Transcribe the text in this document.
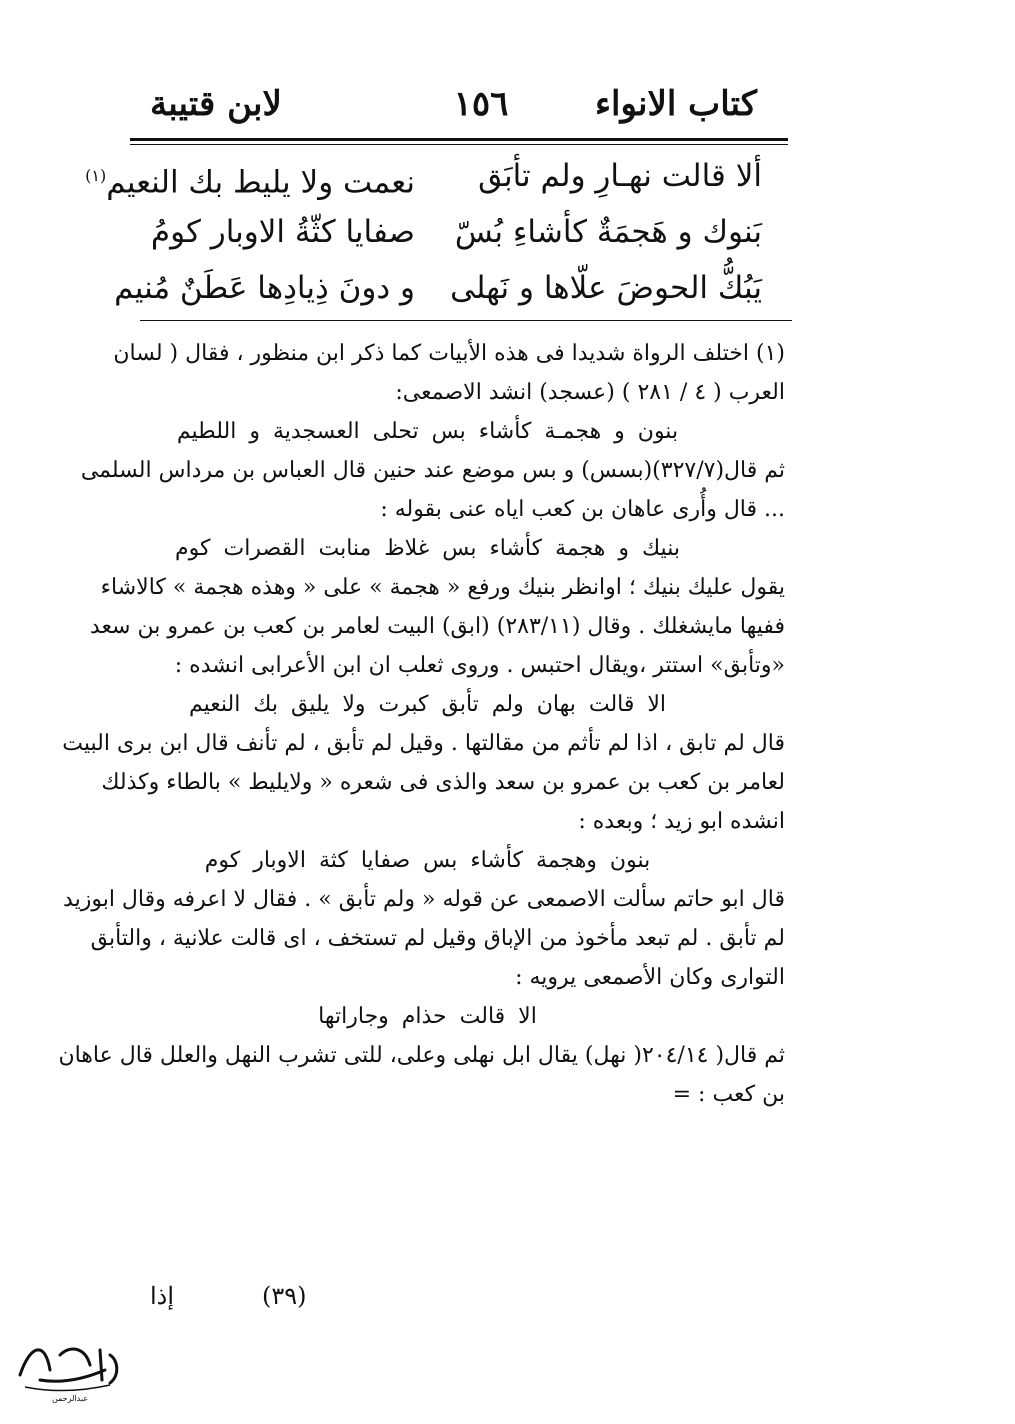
كتاب الانواء
١٥٦
لابن قتيبة
ألا قالت نهـارِ ولم تأبَق
نعمت ولا يليط بك النعيم$^{(١)}$
بَنوك و هَجمَةٌ كأشاءِ بُسّ
صفايا كثّةُ الاوبار كومُ
يَبُكُّ الحوضَ علّاها و نَهلى
و دونَ ذِيادِها عَطَنٌ مُنيم
(١) اختلف الرواة شديدا فى هذه الأبيات كما ذكر ابن منظور ، فقال ( لسان
العرب ( ٤ / ٢٨١ ) (عسجد) انشد الاصمعى:
بنون و هجمـة كأشاء بس تحلى العسجدية و اللطيم
ثم قال(٣٢٧/٧)(بسس) و بس موضع عند حنين قال العباس بن مرداس السلمى
... قال وأُرى عاهان بن كعب اياه عنى بقوله :
بنيك و هجمة كأشاء بس غلاظ منابت القصرات كوم
يقول عليك بنيك ؛ اوانظر بنيك ورفع « هجمة » على « وهذه هجمة » كالاشاء
ففيها مايشغلك . وقال (٢٨٣/١١) (ابق) البيت لعامر بن كعب بن عمرو بن سعد
«وتأبق» استتر ،ويقال احتبس . وروى ثعلب ان ابن الأعرابى انشده :
الا قالت بهان ولم تأبق كبرت ولا يليق بك النعيم
قال لم تابق ، اذا لم تأثم من مقالتها . وقيل لم تأبق ، لم تأنف قال ابن برى البيت
لعامر بن كعب بن عمرو بن سعد والذى فى شعره « ولايليط » بالطاء وكذلك
انشده ابو زيد ؛ وبعده :
بنون وهجمة كأشاء بس صفايا كثة الاوبار كوم
قال ابو حاتم سألت الاصمعى عن قوله « ولم تأبق » . فقال لا اعرفه وقال ابوزيد
لم تأبق . لم تبعد مأخوذ من الإباق وقيل لم تستخف ، اى قالت علانية ، والتأبق
التوارى وكان الأصمعى يرويه :
الا قالت حذام وجاراتها
ثم قال( ٢٠٤/١٤( نهل) يقال ابل نهلى وعلى، للتى تشرب النهل والعلل قال عاهان
بن كعب : =
(٣٩)
إذا
عبدالرحمن
